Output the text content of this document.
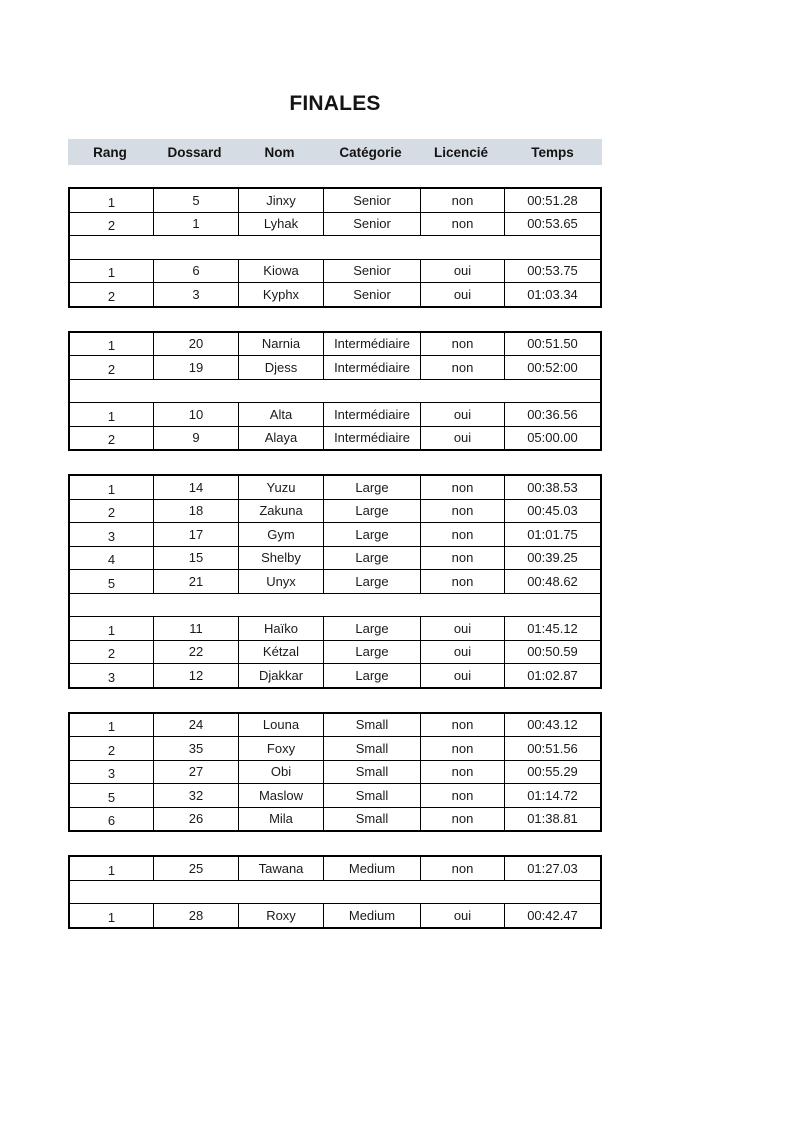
FINALES
Rang	Dossard	Nom	Catégorie	Licencié	Temps
1	5	Jinxy	Senior	non	00:51.28
2	1	Lyhak	Senior	non	00:53.65
1	6	Kiowa	Senior	oui	00:53.75
2	3	Kyphx	Senior	oui	01:03.34
1	20	Narnia	Intermédiaire	non	00:51.50
2	19	Djess	Intermédiaire	non	00:52:00
1	10	Alta	Intermédiaire	oui	00:36.56
2	9	Alaya	Intermédiaire	oui	05:00.00
1	14	Yuzu	Large	non	00:38.53
2	18	Zakuna	Large	non	00:45.03
3	17	Gym	Large	non	01:01.75
4	15	Shelby	Large	non	00:39.25
5	21	Unyx	Large	non	00:48.62
1	11	Haïko	Large	oui	01:45.12
2	22	Kétzal	Large	oui	00:50.59
3	12	Djakkar	Large	oui	01:02.87
1	24	Louna	Small	non	00:43.12
2	35	Foxy	Small	non	00:51.56
3	27	Obi	Small	non	00:55.29
5	32	Maslow	Small	non	01:14.72
6	26	Mila	Small	non	01:38.81
1	25	Tawana	Medium	non	01:27.03
1	28	Roxy	Medium	oui	00:42.47
